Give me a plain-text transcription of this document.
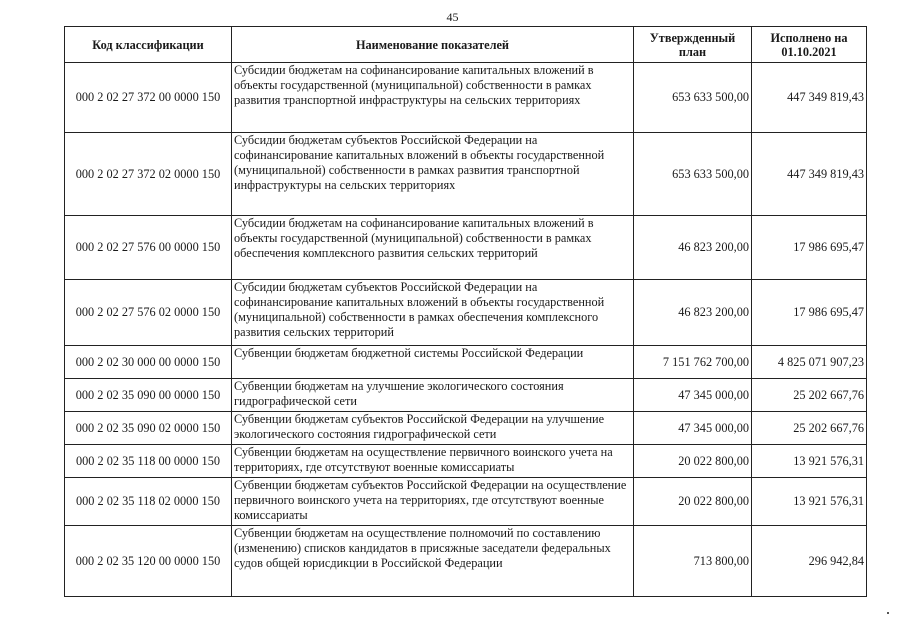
45
Код классификации	Наименование показателей	Утвержденный план	Исполнено на 01.10.2021
000 2 02 27 372 00 0000 150	Субсидии бюджетам на софинансирование капитальных вложений в объекты государственной (муниципальной) собственности в рамках развития транспортной инфраструктуры на сельских территориях	653 633 500,00	447 349 819,43
000 2 02 27 372 02 0000 150	Субсидии бюджетам субъектов Российской Федерации на софинансирование капитальных вложений в объекты государственной (муниципальной) собственности в рамках развития транспортной инфраструктуры на сельских территориях	653 633 500,00	447 349 819,43
000 2 02 27 576 00 0000 150	Субсидии бюджетам на софинансирование капитальных вложений в объекты государственной (муниципальной) собственности в рамках обеспечения комплексного развития сельских территорий	46 823 200,00	17 986 695,47
000 2 02 27 576 02 0000 150	Субсидии бюджетам субъектов Российской Федерации на софинансирование капитальных вложений в объекты государственной (муниципальной) собственности в рамках обеспечения комплексного развития сельских территорий	46 823 200,00	17 986 695,47
000 2 02 30 000 00 0000 150	Субвенции бюджетам бюджетной системы Российской Федерации	7 151 762 700,00	4 825 071 907,23
000 2 02 35 090 00 0000 150	Субвенции бюджетам на улучшение экологического состояния гидрографической сети	47 345 000,00	25 202 667,76
000 2 02 35 090 02 0000 150	Субвенции бюджетам субъектов Российской Федерации на улучшение экологического состояния гидрографической сети	47 345 000,00	25 202 667,76
000 2 02 35 118 00 0000 150	Субвенции бюджетам на осуществление первичного воинского учета на территориях, где отсутствуют военные комиссариаты	20 022 800,00	13 921 576,31
000 2 02 35 118 02 0000 150	Субвенции бюджетам субъектов Российской Федерации на осуществление первичного воинского учета на территориях, где отсутствуют военные комиссариаты	20 022 800,00	13 921 576,31
000 2 02 35 120 00 0000 150	Субвенции бюджетам на осуществление полномочий по составлению (изменению) списков кандидатов в присяжные заседатели федеральных судов общей юрисдикции в Российской Федерации	713 800,00	296 942,84
